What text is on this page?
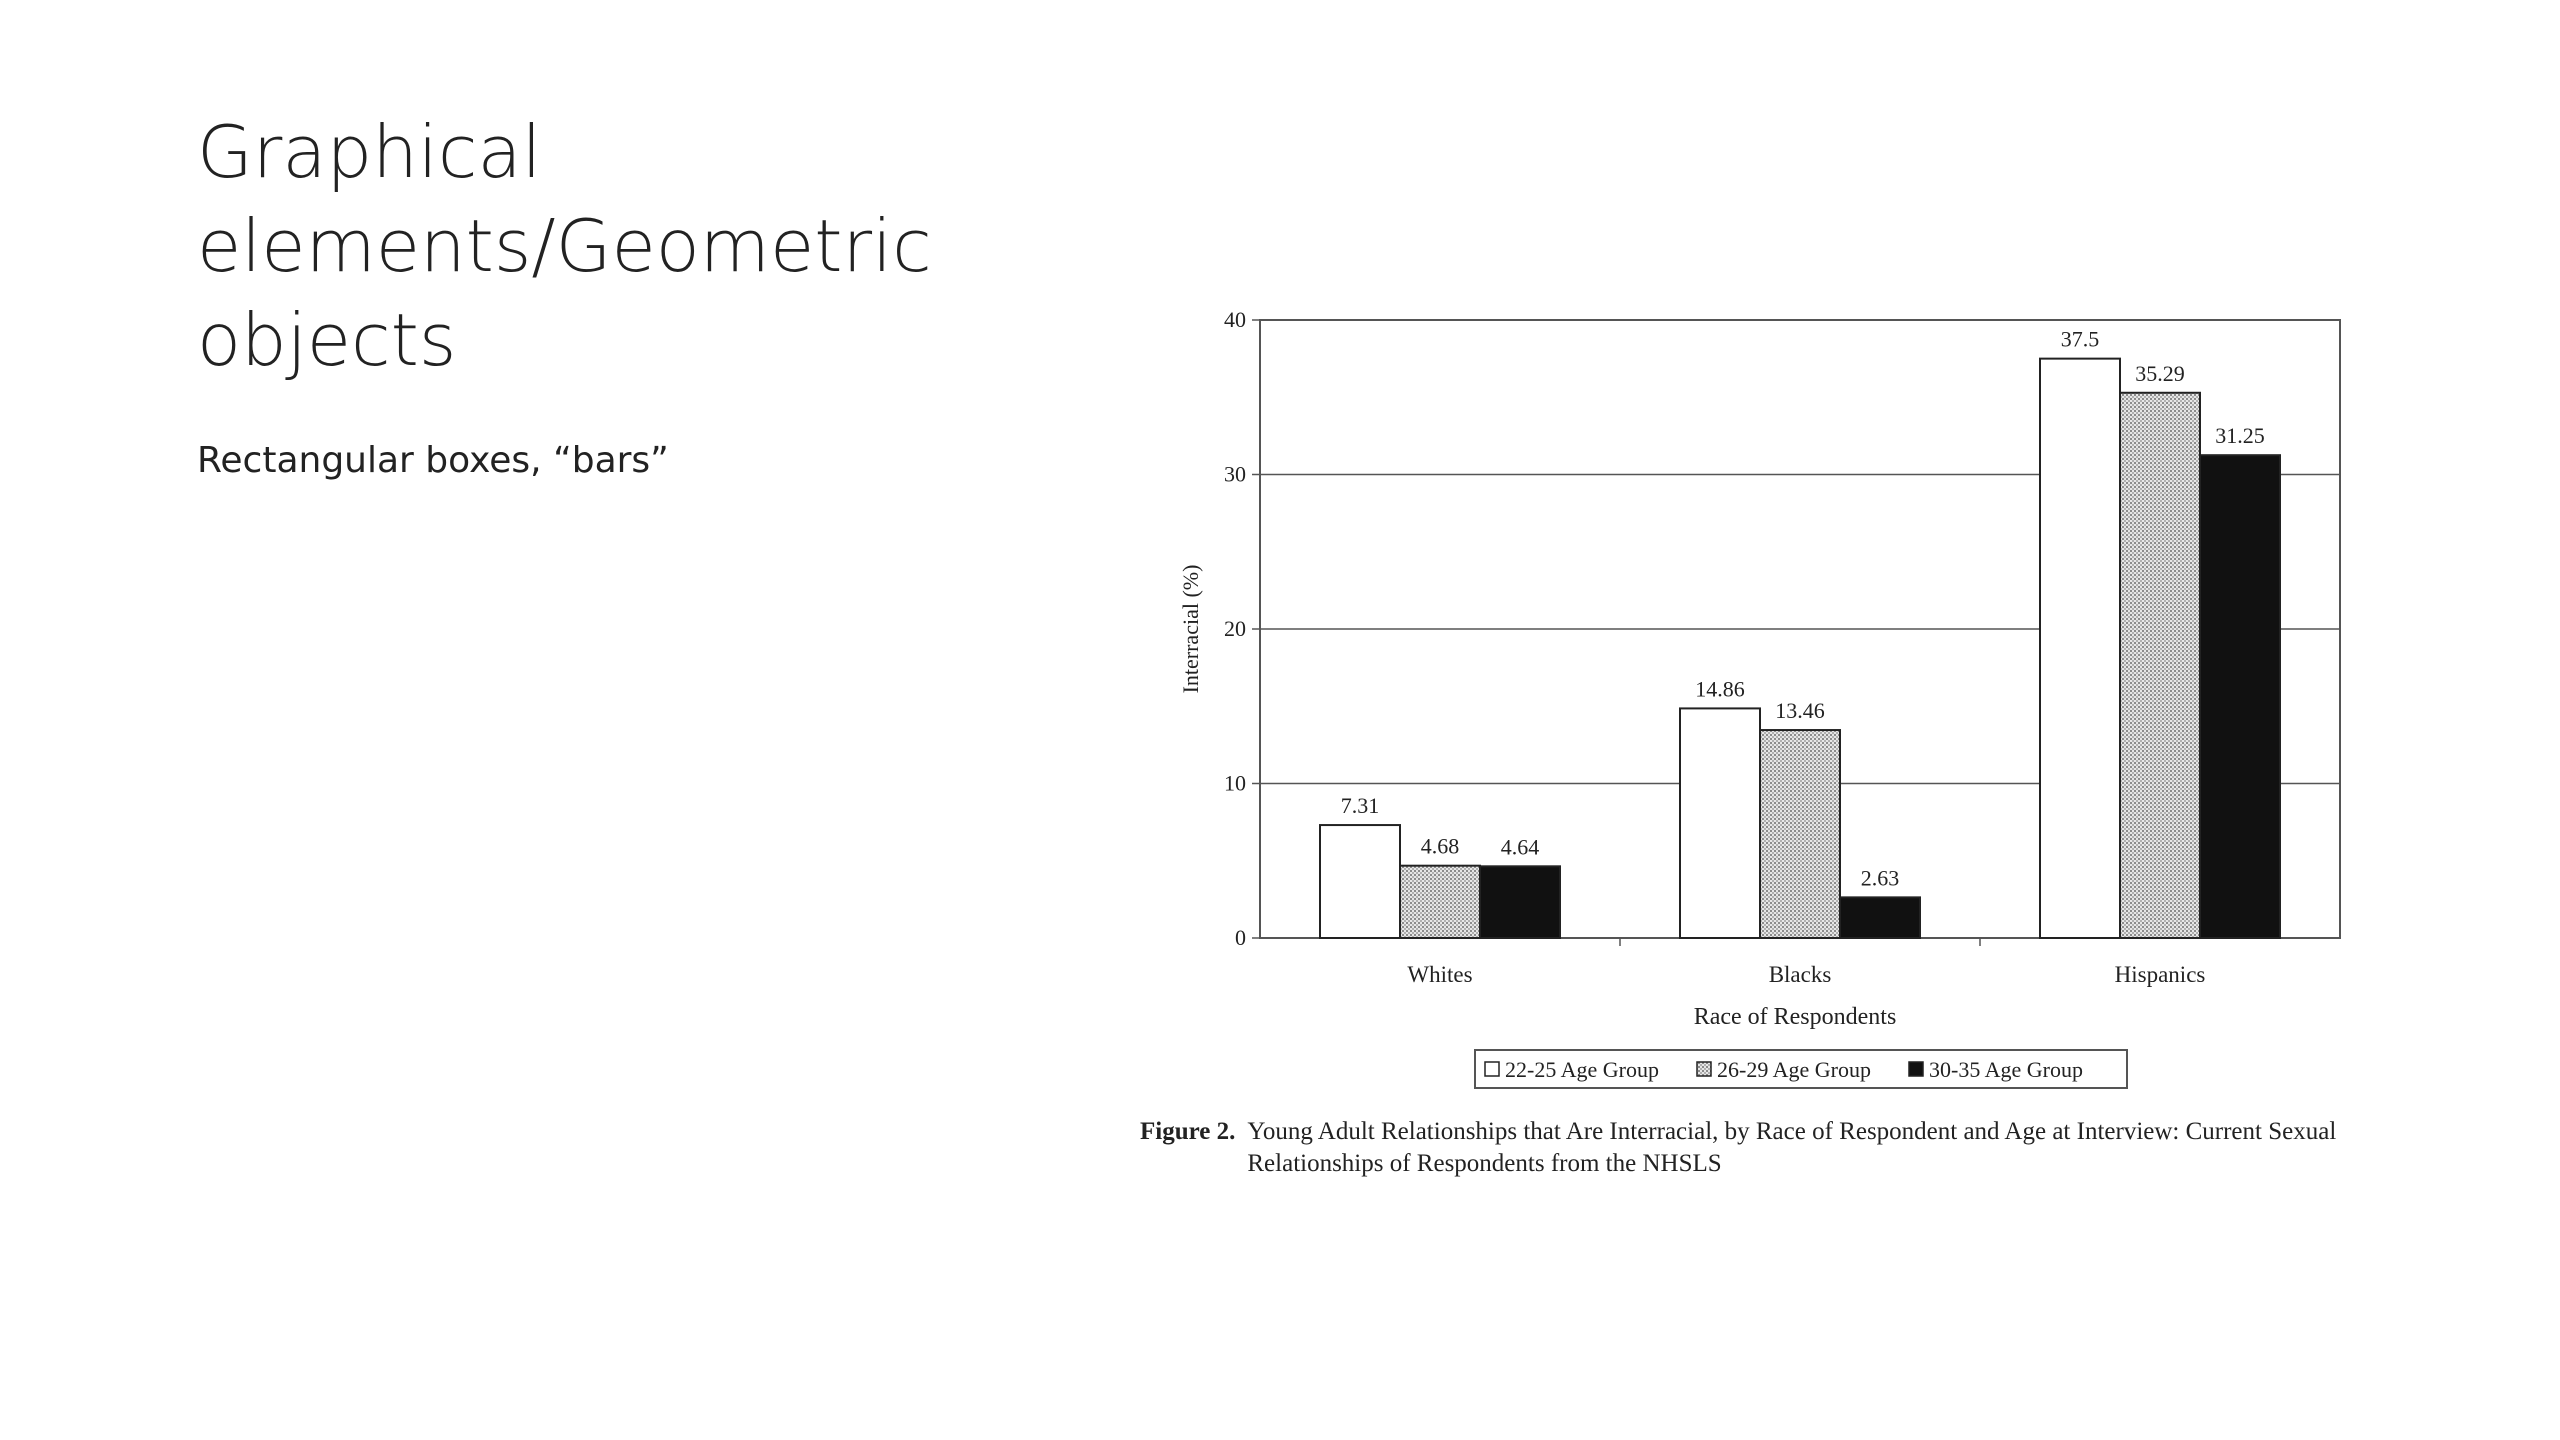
Graphical
elements/Geometric
objects
Rectangular boxes, “bars”
0
10
20
30
40
Interracial (%)
7.31
4.68 4.64
Whites
14.86
13.46
2.63
Blacks
37.5
35.29
31.25
Hispanics
Race of Respondents
22-25 Age Group	26-29 Age Group	30-35 Age Group
Figure 2. Young Adult Relationships that Are Interracial, by Race of Respondent and Age at Interview: Current Sexual Relationships of Respondents from the NHSLS
